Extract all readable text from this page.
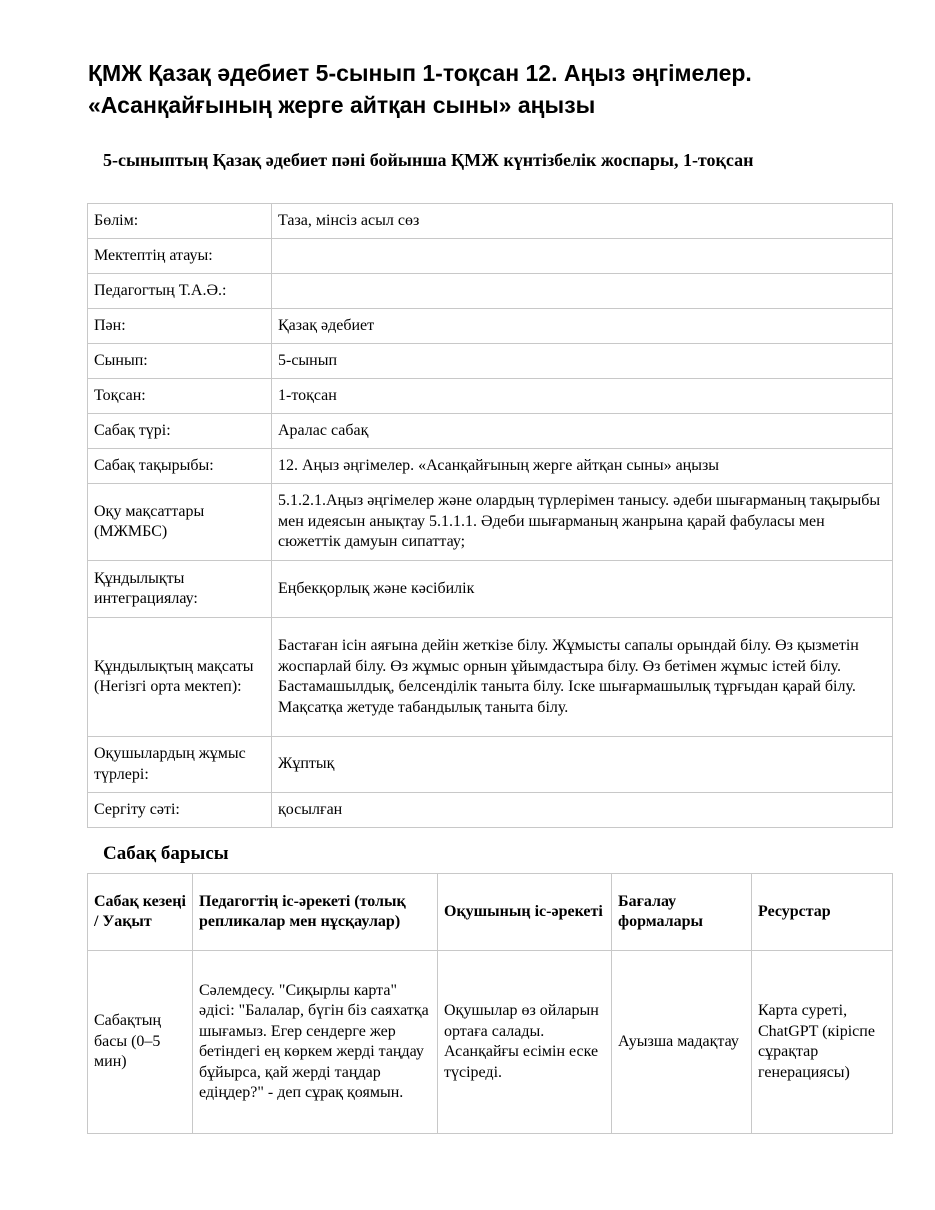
ҚМЖ Қазақ әдебиет 5-сынып 1-тоқсан 12. Аңыз әңгімелер. «Асанқайғының жерге айтқан сыны» аңызы
5-сыныптың Қазақ әдебиет пәні бойынша ҚМЖ күнтізбелік жоспары, 1-тоқсан
Бөлім:	Таза, мінсіз асыл сөз
Мектептің атауы:	
Педагогтың Т.А.Ә.:	
Пән:	Қазақ әдебиет
Сынып:	5-сынып
Тоқсан:	1-тоқсан
Сабақ түрі:	Аралас сабақ
Сабақ тақырыбы:	12. Аңыз әңгімелер. «Асанқайғының жерге айтқан сыны» аңызы
Оқу мақсаттары (МЖМБС)	5.1.2.1.Аңыз әңгімелер және олардың түрлерімен танысу. әдеби шығарманың тақырыбы мен идеясын анықтау 5.1.1.1. Әдеби шығарманың жанрына қарай фабуласы мен сюжеттік дамуын сипаттау;
Құндылықты интеграциялау:	Еңбекқорлық және кәсібилік
Құндылықтың мақсаты (Негізгі орта мектеп):	Бастаған ісін аяғына дейін жеткізе білу. Жұмысты сапалы орындай білу. Өз қызметін жоспарлай білу. Өз жұмыс орнын ұйымдастыра білу. Өз бетімен жұмыс істей білу. Бастамашылдық, белсенділік таныта білу. Іске шығармашылық тұрғыдан қарай білу. Мақсатқа жетуде табандылық таныта білу.
Оқушылардың жұмыс түрлері:	Жұптық
Сергіту сәті:	қосылған
Сабақ барысы
Сабақ кезеңі / Уақыт	Педагогтің іс-әрекеті (толық репликалар мен нұсқаулар)	Оқушының іс-әрекеті	Бағалау формалары	Ресурстар
Сабақтың басы (0–5 мин)	Сәлемдесу. "Сиқырлы карта" әдісі: "Балалар, бүгін біз саяхатқа шығамыз. Егер сендерге жер бетіндегі ең көркем жерді таңдау бұйырса, қай жерді таңдар едіңдер?" - деп сұрақ қоямын.	Оқушылар өз ойларын ортаға салады. Асанқайғы есімін еске түсіреді.	Ауызша мадақтау	Карта суреті, ChatGPT (кіріспе сұрақтар генерациясы)
